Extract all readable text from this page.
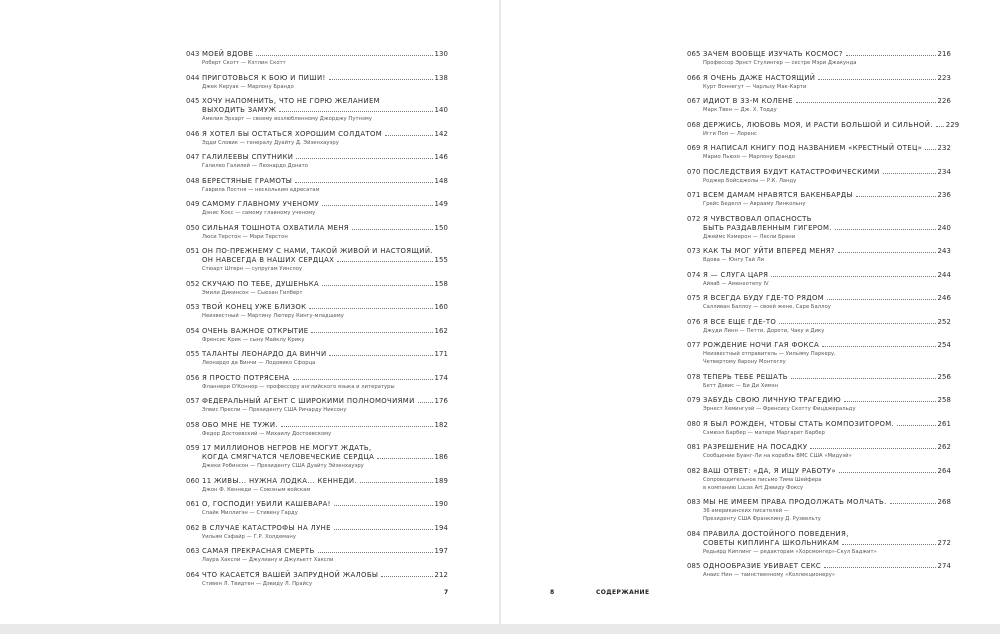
043 МОЕЙ ВДОВЕ	130
Роберт Скотт — Кэтлин Скотт
044 ПРИГОТОВЬСЯ К БОЮ И ПИШИ!	138
Джек Керуак — Марлону Брандо
045 ХОЧУ НАПОМНИТЬ, ЧТО НЕ ГОРЮ ЖЕЛАНИЕМ
ВЫХОДИТЬ ЗАМУЖ	140
Амелия Эрхарт — своему возлюбленному Джорджу Путнэму
046 Я ХОТЕЛ БЫ ОСТАТЬСЯ ХОРОШИМ СОЛДАТОМ	142
Эдди Словик — генералу Дуайту Д. Эйзенхауэру
047 ГАЛИЛЕЕВЫ СПУТНИКИ	146
Галилео Галилей — Леонардо Донато
048 БЕРЕСТЯНЫЕ ГРАМОТЫ	148
Гаврила Постня — нескольким адресатам
049 САМОМУ ГЛАВНОМУ УЧЕНОМУ	149
Дэнис Кокс — самому главному ученому
050 СИЛЬНАЯ ТОШНОТА ОХВАТИЛА МЕНЯ	150
Люси Терстон — Мэри Терстон
051 ОН ПО-ПРЕЖНЕМУ С НАМИ, ТАКОЙ ЖИВОЙ И НАСТОЯЩИЙ.
ОН НАВСЕГДА В НАШИХ СЕРДЦАХ	155
Стюарт Штерн — супругам Уинслоу
052 СКУЧАЮ ПО ТЕБЕ, ДУШЕНЬКА	158
Эмили Дикинсон — Сьюзан Гилберт
053 ТВОЙ КОНЕЦ УЖЕ БЛИЗОК	160
Неизвестный — Мартину Лютеру Кингу-младшему
054 ОЧЕНЬ ВАЖНОЕ ОТКРЫТИЕ	162
Френсис Крик — сыну Майклу Крику
055 ТАЛАНТЫ ЛЕОНАРДО ДА ВИНЧИ	171
Леонардо да Винчи — Лодовико Сфорца
056 Я ПРОСТО ПОТРЯСЕНА	174
Фланнери О'Коннор — профессору английского языка и литературы
057 ФЕДЕРАЛЬНЫЙ АГЕНТ С ШИРОКИМИ ПОЛНОМОЧИЯМИ	176
Элвис Пресли — Президенту США Ричарду Никсону
058 ОБО МНЕ НЕ ТУЖИ.	182
Федор Достоевский — Михаилу Достоевскому
059 17 МИЛЛИОНОВ НЕГРОВ НЕ МОГУТ ЖДАТЬ,
КОГДА СМЯГЧАТСЯ ЧЕЛОВЕЧЕСКИЕ СЕРДЦА	186
Джеки Робинсон — Президенту США Дуайту Эйзенхауэру
060 11 ЖИВЫ... НУЖНА ЛОДКА... КЕННЕДИ.	189
Джон Ф. Кеннеди — Союзным войскам
061 О, ГОСПОДИ! УБИЛИ КАШЕВАРА!	190
Спайк Миллигэн — Стивену Гарду
062 В СЛУЧАЕ КАТАСТРОФЫ НА ЛУНЕ	194
Уильям Сэфайр — Г.Р. Холдеману
063 САМАЯ ПРЕКРАСНАЯ СМЕРТЬ	197
Лаура Хаксли — Джулиану и Джульетт Хаксли
064 ЧТО КАСАЕТСЯ ВАШЕЙ ЗАПРУДНОЙ ЖАЛОБЫ	212
Стивен Л. Твидтен — Дэвиду Л. Прайсу
065 ЗАЧЕМ ВООБЩЕ ИЗУЧАТЬ КОСМОС?	216
Профессор Эрнст Стулингер — сестре Мэри Джакунда
066 Я ОЧЕНЬ ДАЖЕ НАСТОЯЩИЙ	223
Курт Воннегут — Чарльзу Мак-Карти
067 ИДИОТ В 33-М КОЛЕНЕ	226
Марк Твен — Дж. Х. Тодду
068 ДЕРЖИСЬ, ЛЮБОВЬ МОЯ, И РАСТИ БОЛЬШОЙ И СИЛЬНОЙ. 229
Игги Поп — Лоренс
069 Я НАПИСАЛ КНИГУ ПОД НАЗВАНИЕМ «КРЕСТНЫЙ ОТЕЦ» 232
Марио Пьюзо — Марлону Брандо
070 ПОСЛЕДСТВИЯ БУДУТ КАТАСТРОФИЧЕСКИМИ	234
Роджер Бойсджолы — Р.К. Ланду
071 ВСЕМ ДАМАМ НРАВЯТСЯ БАКЕНБАРДЫ	236
Грейс Беделл — Аврааму Линкольну
072 Я ЧУВСТВОВАЛ ОПАСНОСТЬ
БЫТЬ РАЗДАВЛЕННЫМ ГИГЕРОМ.	240
Джеймс Кэмерон — Лесли Брани
073 КАК ТЫ МОГ УЙТИ ВПЕРЕД МЕНЯ?	243
Вдова — Юнгу Тай Ли
074 Я — СЛУГА ЦАРЯ	244
Айяаб — Аменхотепу IV
075 Я ВСЕГДА БУДУ ГДЕ-ТО РЯДОМ	246
Салливан Баллоу — своей жене, Саре Баллоу
076 Я ВСЕ ЕЩЕ ГДЕ-ТО	252
Джуди Линн — Петти, Дороти, Чаку и Дику
077 РОЖДЕНИЕ НОЧИ ГАЯ ФОКСА	254
Неизвестный отправитель — Уильяму Паркеру,
Четвертому барону Монтеглу
078 ТЕПЕРЬ ТЕБЕ РЕШАТЬ	256
Бетт Дэвис — Би Ди Химэн
079 ЗАБУДЬ СВОЮ ЛИЧНУЮ ТРАГЕДИЮ	258
Эрнест Хемингуэй — Френсису Скотту Фицджеральду
080 Я БЫЛ РОЖДЕН, ЧТОБЫ СТАТЬ КОМПОЗИТОРОМ.	261
Сэмюэл Барбер — матери Маргарет Барбер
081 РАЗРЕШЕНИЕ НА ПОСАДКУ	262
Сообщение Буанг-Ли на корабль ВМС США «Мидуэй»
082 ВАШ ОТВЕТ: «ДА, Я ИЩУ РАБОТУ»	264
Сопроводительное письмо Тима Шейфера
в компанию Lucas Art Дэвиду Фоксу
083 МЫ НЕ ИМЕЕМ ПРАВА ПРОДОЛЖАТЬ МОЛЧАТЬ.	268
36 американских писателей —
Президенту США Франклину Д. Рузвельту
084 ПРАВИЛА ДОСТОЙНОГО ПОВЕДЕНИЯ,
СОВЕТЫ КИПЛИНГА ШКОЛЬНИКАМ	272
Редьярд Киплинг — редакторам «Хорсмонгер»-Скул Баджит»
085 ОДНООБРАЗИЕ УБИВАЕТ СЕКС	274
Анаис Нин — таинственному «Коллекционеру»
7	8	СОДЕРЖАНИЕ
